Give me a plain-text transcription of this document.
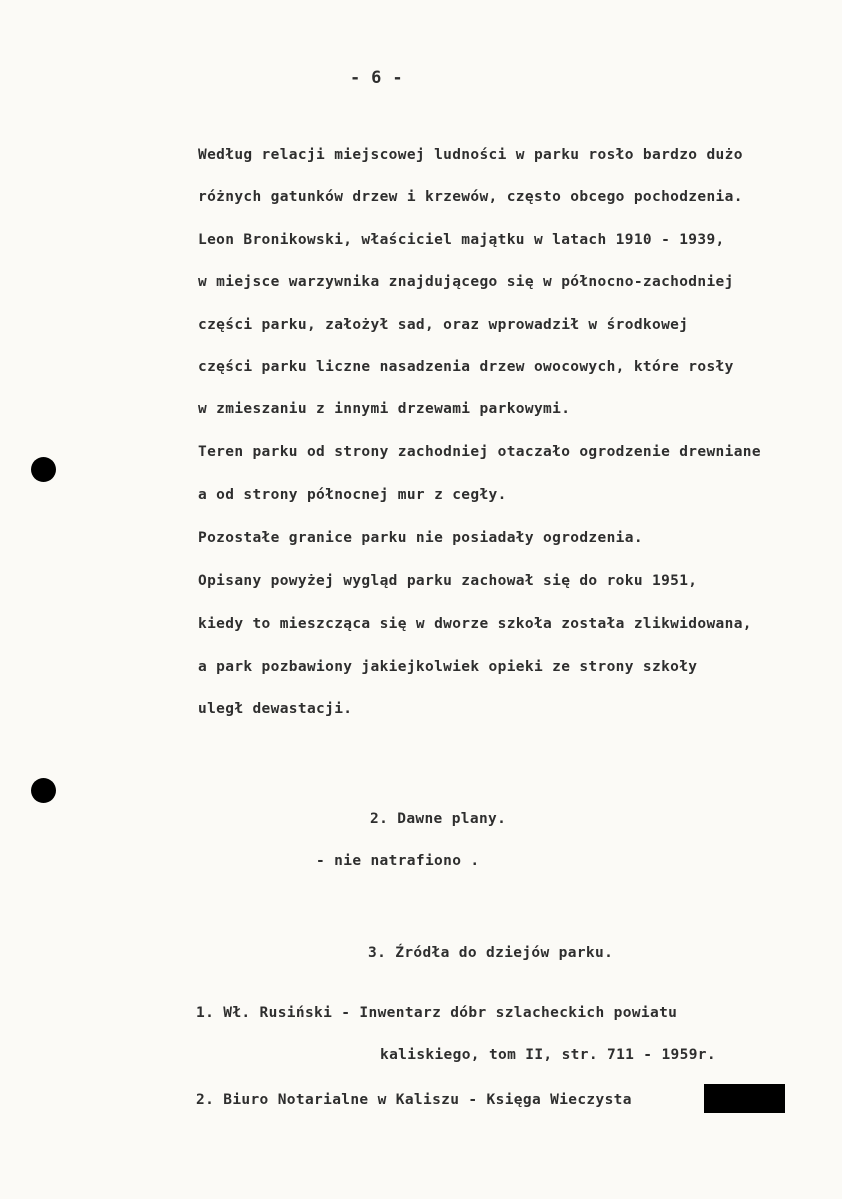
- 6 -
Według relacji miejscowej ludności w parku rosło bardzo dużo
różnych gatunków drzew i krzewów, często obcego pochodzenia.
Leon Bronikowski, właściciel majątku w latach 1910 - 1939,
w miejsce warzywnika znajdującego się w północno-zachodniej
części parku, założył sad, oraz wprowadził w środkowej
części parku liczne nasadzenia drzew owocowych, które rosły
w zmieszaniu z innymi drzewami parkowymi.
Teren parku od strony zachodniej otaczało ogrodzenie drewniane
a od strony północnej mur z cegły.
Pozostałe granice parku nie posiadały ogrodzenia.
Opisany powyżej wygląd parku zachował się do roku 1951,
kiedy to mieszcząca się w dworze szkoła została zlikwidowana,
a park pozbawiony jakiejkolwiek opieki ze strony szkoły
uległ dewastacji.
2. Dawne plany.
- nie natrafiono .
3. Źródła do dziejów parku.
1. Wł. Rusiński - Inwentarz dóbr szlacheckich powiatu
kaliskiego, tom II, str. 711 - 1959r.
2. Biuro Notarialne w Kaliszu - Księga Wieczysta
